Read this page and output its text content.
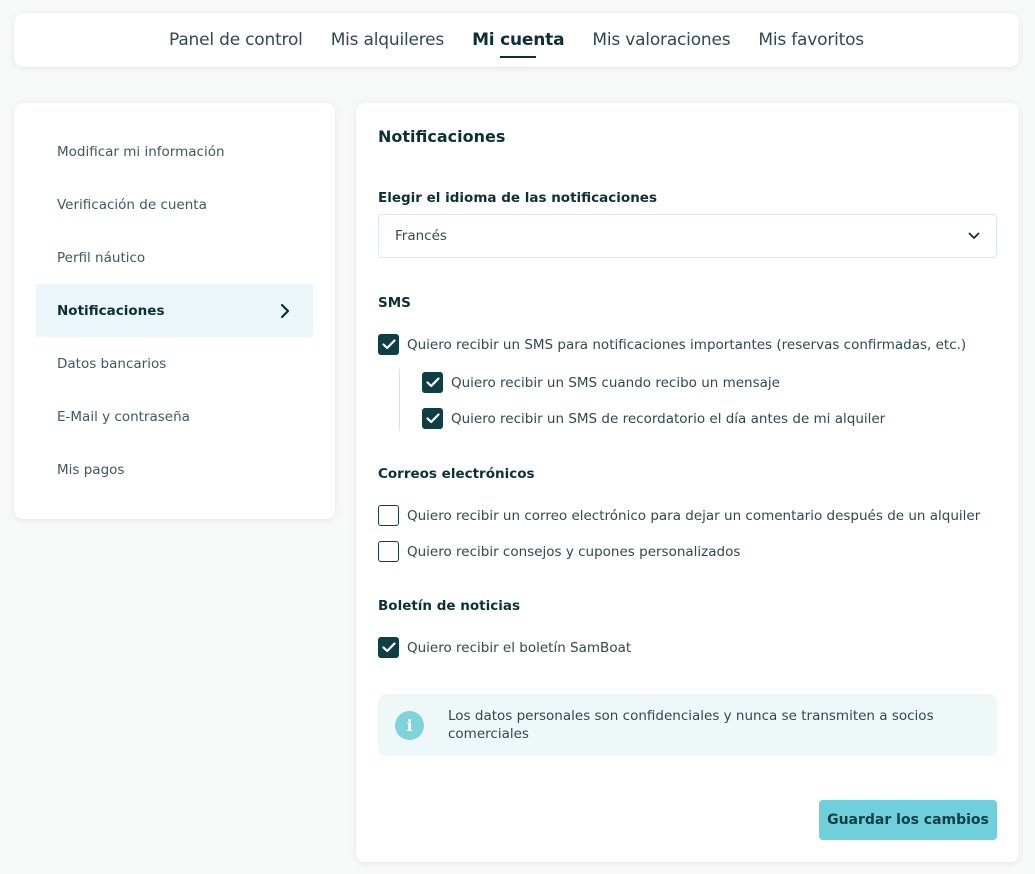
Panel de control	Mis alquileres	Mi cuenta	Mis valoraciones	Mis favoritos
Modificar mi información
Verificación de cuenta
Perfil náutico
Notificaciones
Datos bancarios
E-Mail y contraseña
Mis pagos
Notificaciones
Elegir el idioma de las notificaciones
Francés
SMS
Quiero recibir un SMS para notificaciones importantes (reservas confirmadas, etc.)
Quiero recibir un SMS cuando recibo un mensaje
Quiero recibir un SMS de recordatorio el día antes de mi alquiler
Correos electrónicos
Quiero recibir un correo electrónico para dejar un comentario después de un alquiler
Quiero recibir consejos y cupones personalizados
Boletín de noticias
Quiero recibir el boletín SamBoat
i	Los datos personales son confidenciales y nunca se transmiten a socios comerciales
Guardar los cambios
